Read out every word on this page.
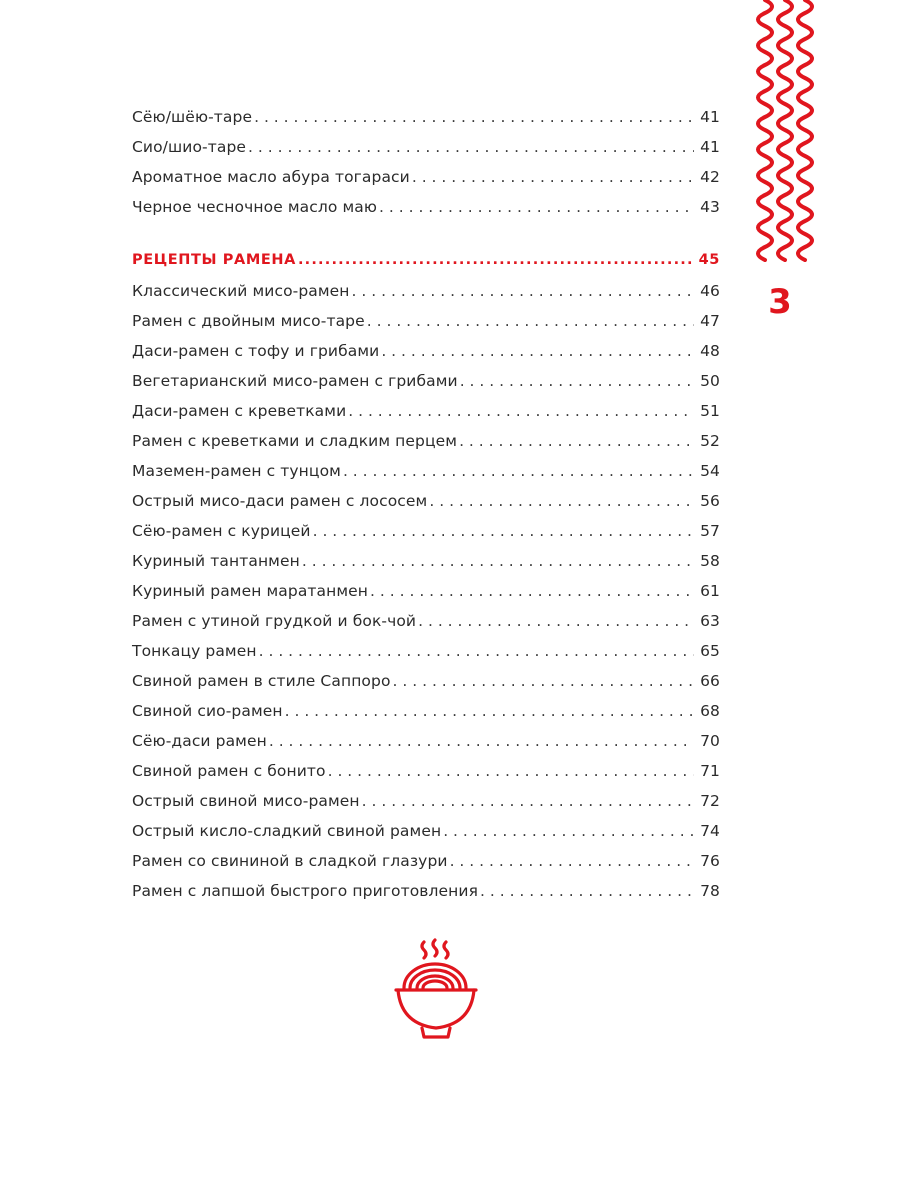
Сёю/шёю-таре . . .	41
Сио/шио-таре . . .	41
Ароматное масло абура тогараси . . .	42
Черное чесночное масло маю . . .	43
РЕЦЕПТЫ РАМЕНА .....	45
Классический мисо-рамен . . .	46
Рамен с двойным мисо-таре . . .	47
Даси-рамен с тофу и грибами . . .	48
Вегетарианский мисо-рамен с грибами . . .	50
Даси-рамен с креветками . . .	51
Рамен с креветками и сладким перцем . . .	52
Маземен-рамен с тунцом . . .	54
Острый мисо-даси рамен с лососем . . .	56
Сёю-рамен с курицей . . .	57
Куриный тантанмен . . .	58
Куриный рамен маратанмен . . .	61
Рамен с утиной грудкой и бок-чой . . .	63
Тонкацу рамен . . .	65
Свиной рамен в стиле Саппоро . . .	66
Свиной сио-рамен . . .	68
Сёю-даси рамен . . .	70
Свиной рамен с бонито . . .	71
Острый свиной мисо-рамен . . .	72
Острый кисло-сладкий свиной рамен . . .	74
Рамен со свининой в сладкой глазури . . .	76
Рамен с лапшой быстрого приготовления . . .	78
3
